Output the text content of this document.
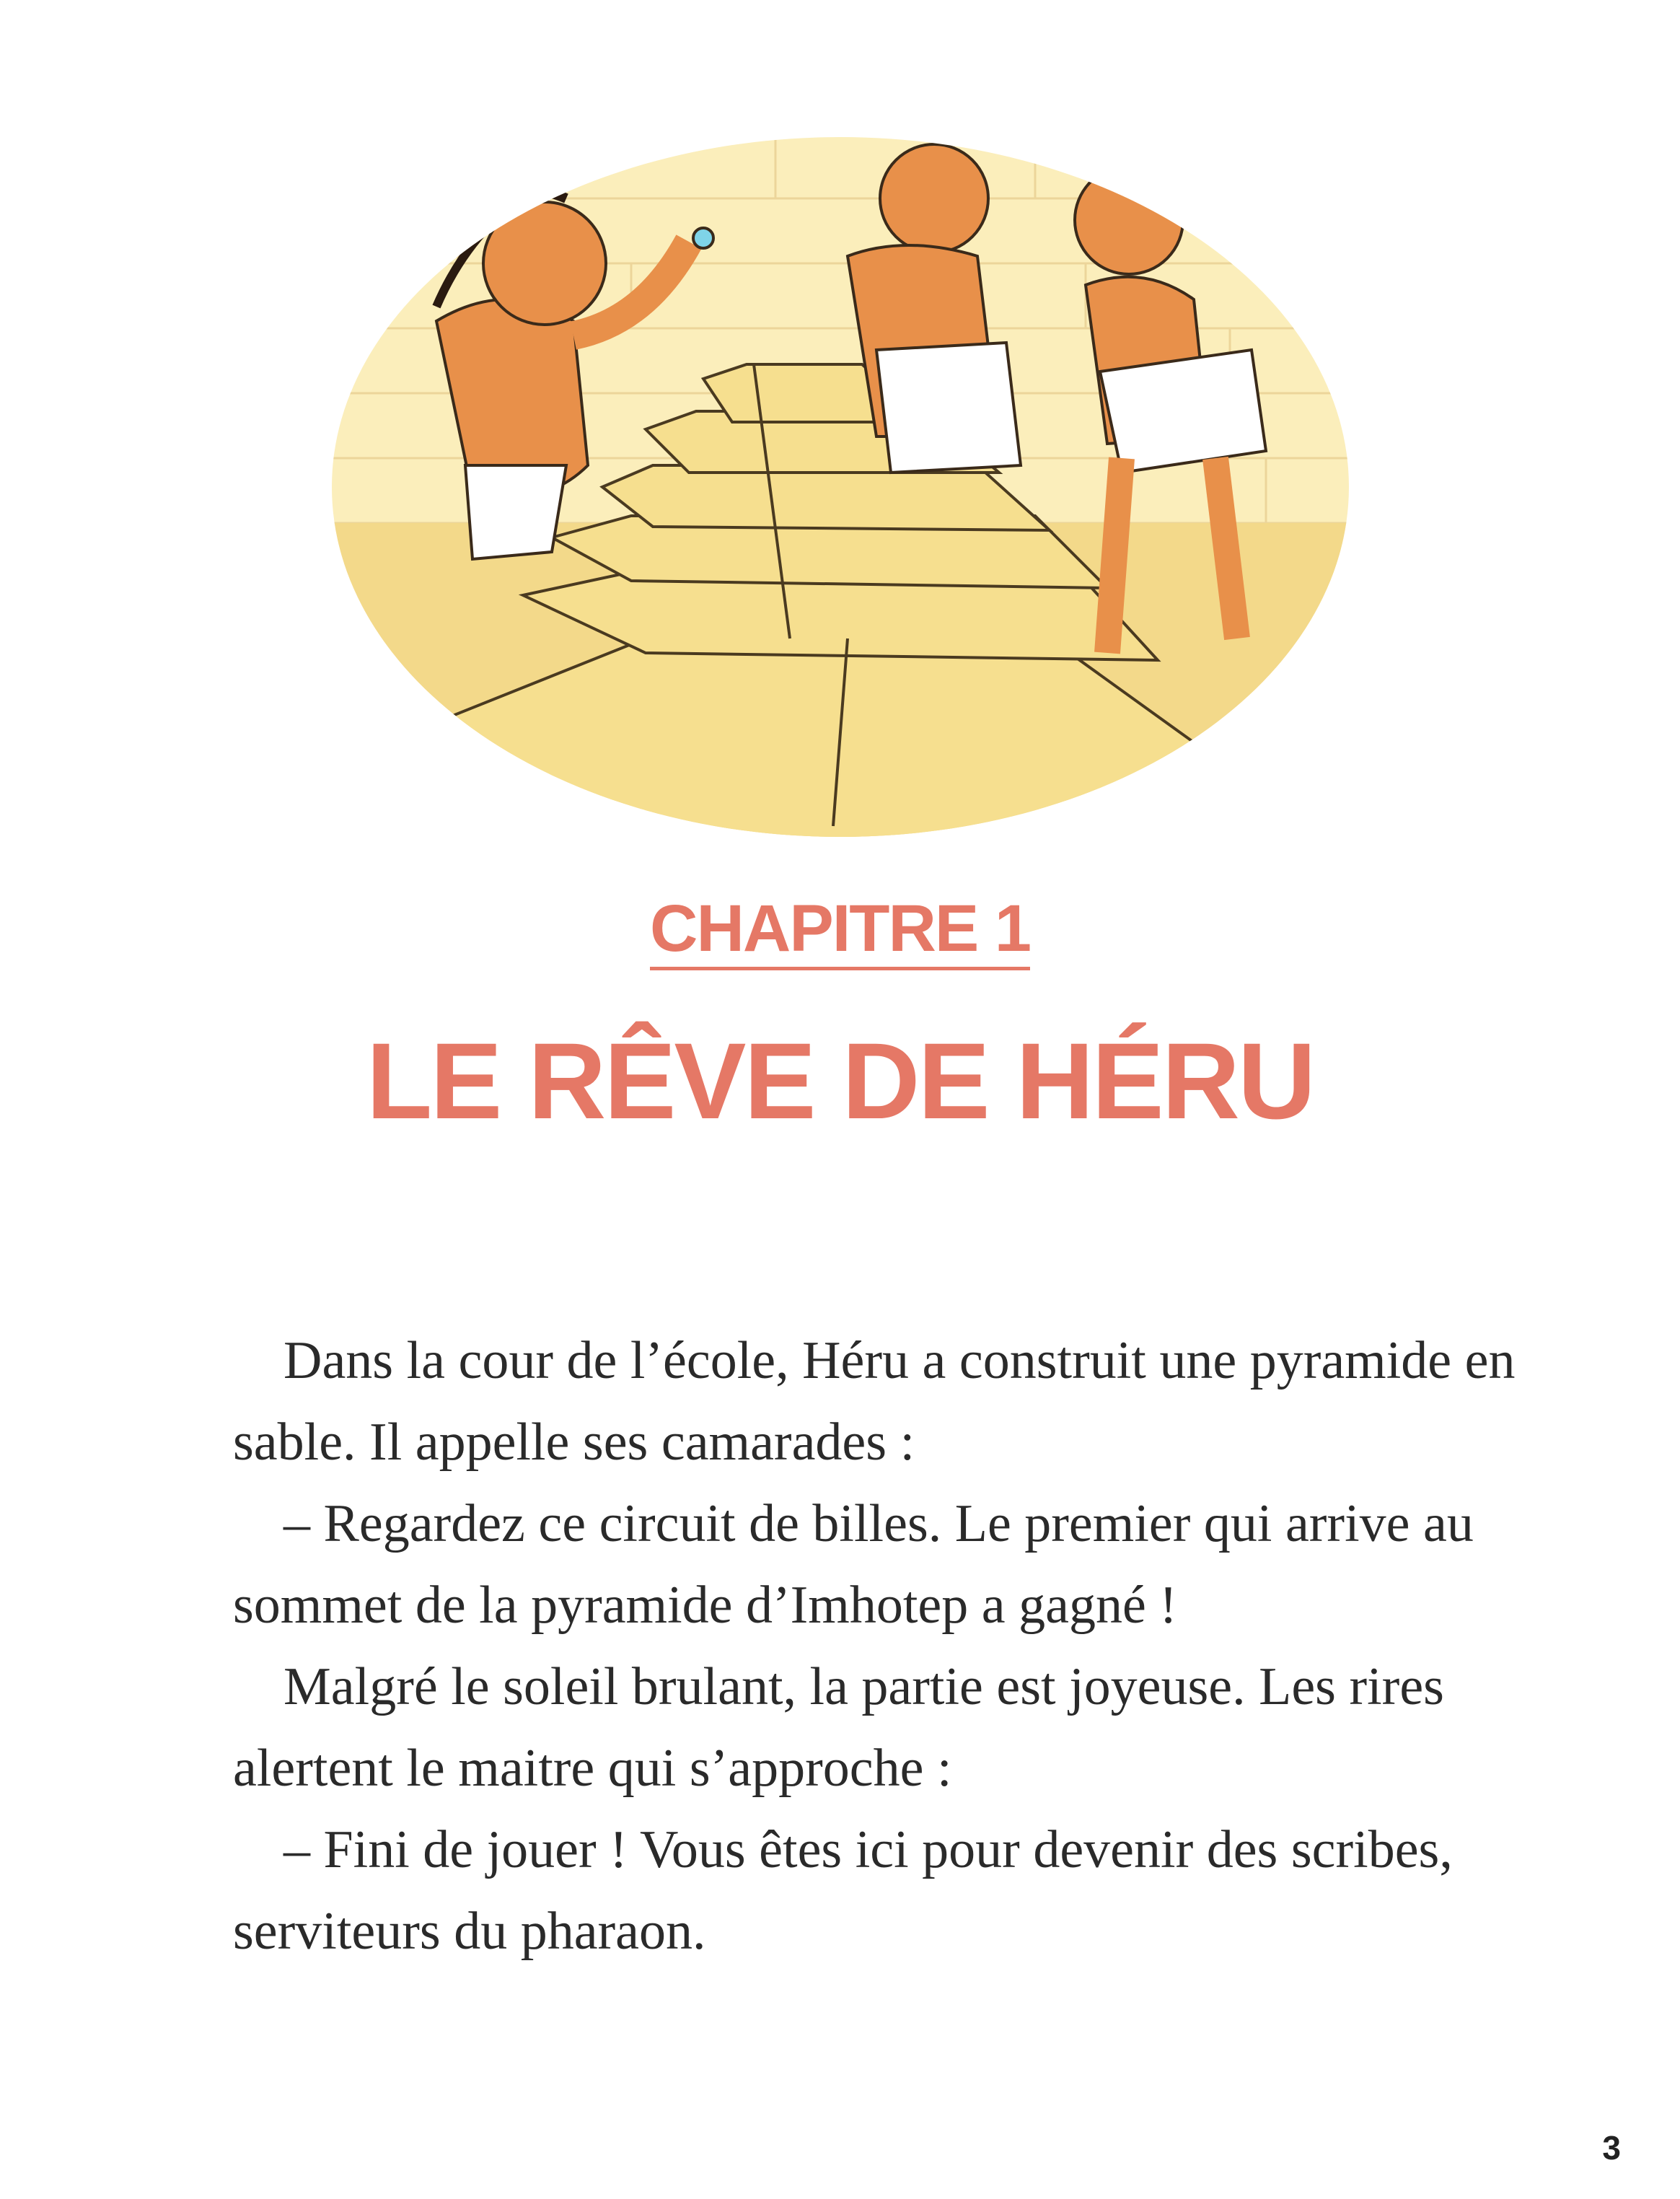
CHAPITRE 1
LE RÊVE DE HÉRU

Dans la cour de l’école, Héru a construit une pyramide en sable. Il appelle ses camarades :

– Regardez ce circuit de billes. Le premier qui arrive au sommet de la pyramide d’Imhotep a gagné !

Malgré le soleil brulant, la partie est joyeuse. Les rires alertent le maitre qui s’approche :

– Fini de jouer ! Vous êtes ici pour devenir des scribes, serviteurs du pharaon.

3
